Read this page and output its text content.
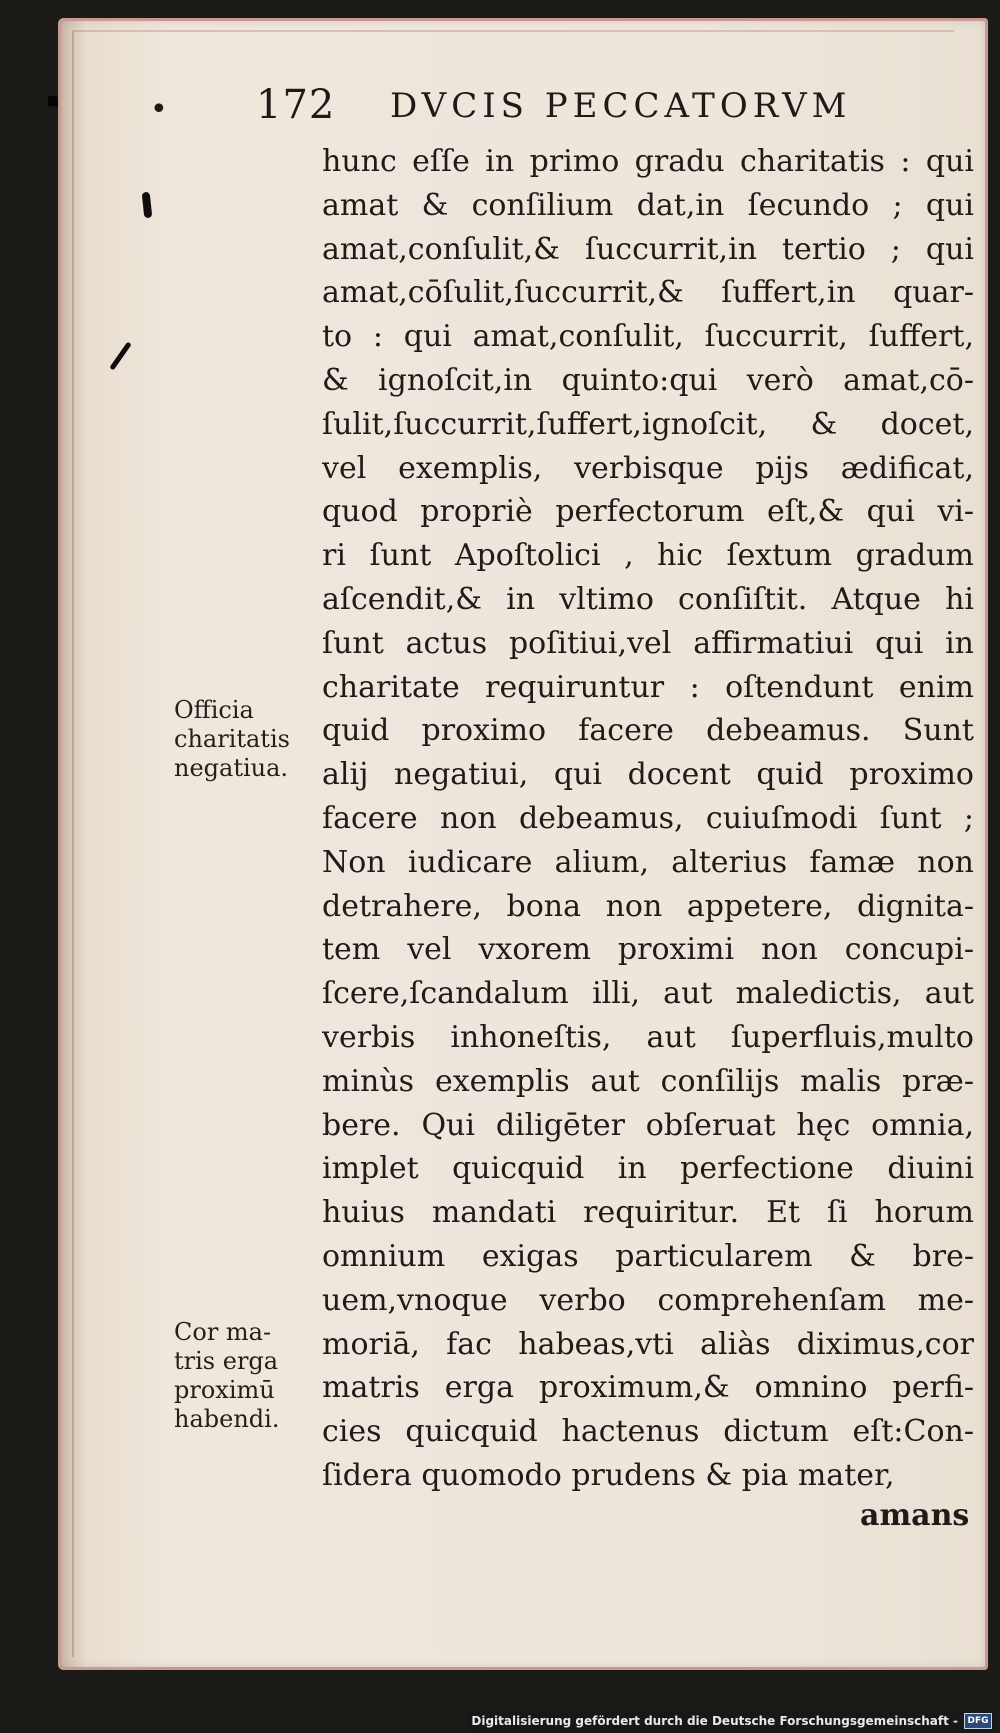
• 172 DVCIS PECCATORVM
Officia
charitatis
negatiua.
Cor ma-
tris erga
proximū
habendi.
hunc eſſe in primo gradu charitatis : qui
amat & conſilium dat,in ſecundo ; qui
amat,conſulit,& ſuccurrit,in tertio ; qui
amat,cōſulit,ſuccurrit,& ſuffert,in quar-
to : qui amat,conſulit, ſuccurrit, ſuffert,
& ignoſcit,in quinto:qui verò amat,cō-
ſulit,ſuccurrit,ſuffert,ignoſcit, & docet,
vel exemplis, verbisque pijs ædificat,
quod propriè perfectorum eſt,& qui vi-
ri ſunt Apoſtolici , hic ſextum gradum
aſcendit,& in vltimo conſiſtit. Atque hi
ſunt actus poſitiui,vel affirmatiui qui in
charitate requiruntur : oſtendunt enim
quid proximo facere debeamus. Sunt
alij negatiui, qui docent quid proximo
facere non debeamus, cuiuſmodi ſunt ;
Non iudicare alium, alterius famæ non
detrahere, bona non appetere, dignita-
tem vel vxorem proximi non concupi-
ſcere,ſcandalum illi, aut maledictis, aut
verbis inhoneſtis, aut ſuperfluis,multo
minùs exemplis aut conſilijs malis præ-
bere. Qui diligēter obſeruat hęc omnia,
implet quicquid in perfectione diuini
huius mandati requiritur. Et ſi horum
omnium exigas particularem & bre-
uem,vnoque verbo comprehenſam me-
moriā, fac habeas,vti aliàs diximus,cor
matris erga proximum,& omnino perfi-
cies quicquid hactenus dictum eſt:Con-
ſidera quomodo prudens & pia mater,
amans
Digitalisierung gefördert durch die Deutsche Forschungsgemeinschaft -	DFG
